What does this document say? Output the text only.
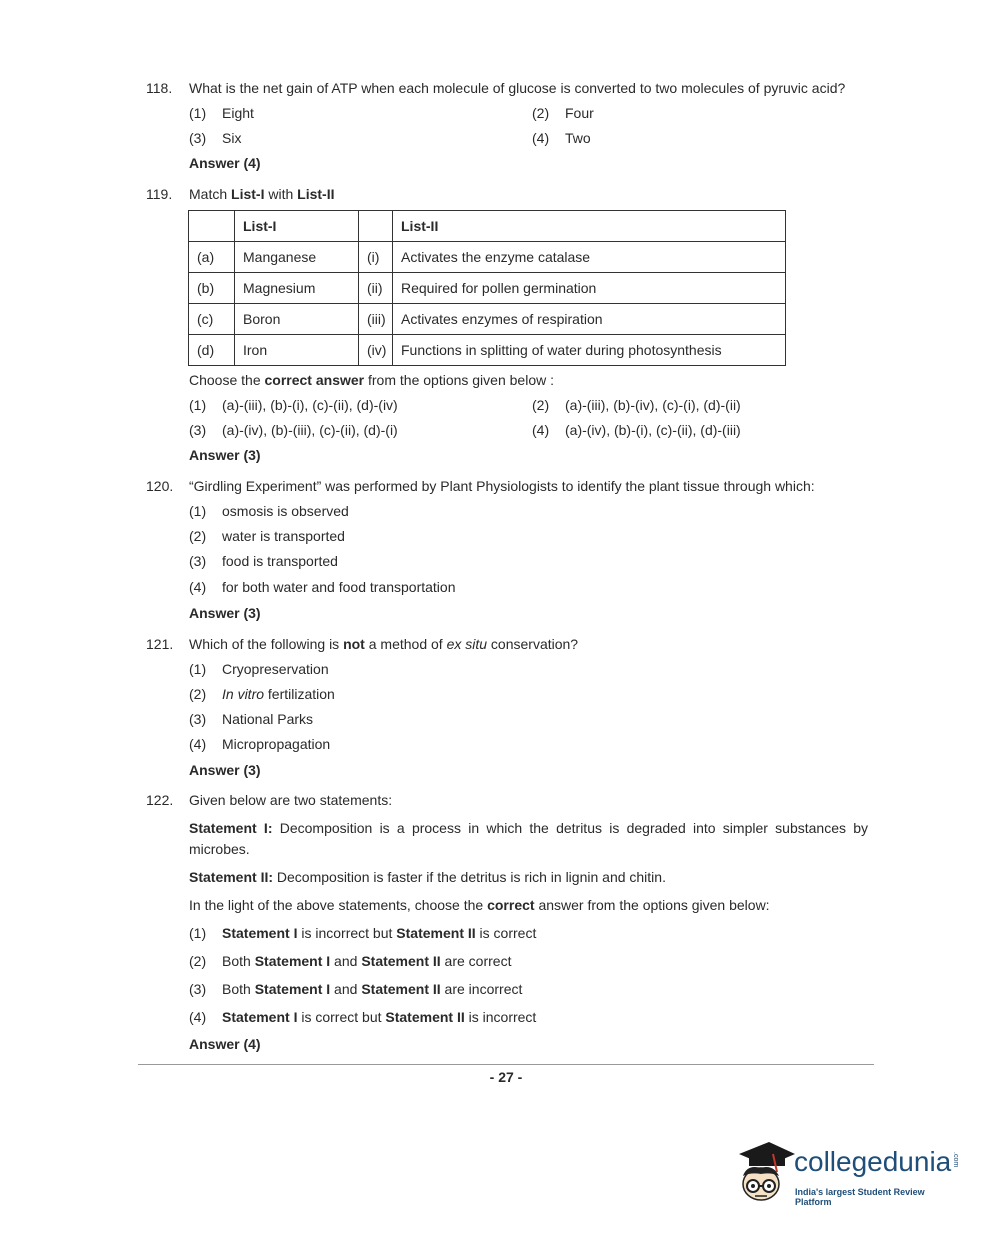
118. What is the net gain of ATP when each molecule of glucose is converted to two molecules of pyruvic acid?
(1) Eight	(2) Four
(3) Six	(4) Two
Answer (4)
119. Match List-I with List-II
	List-I		List-II
(a)	Manganese	(i)	Activates the enzyme catalase
(b)	Magnesium	(ii)	Required for pollen germination
(c)	Boron	(iii)	Activates enzymes of respiration
(d)	Iron	(iv)	Functions in splitting of water during photosynthesis
Choose the correct answer from the options given below :
(1) (a)-(iii), (b)-(i), (c)-(ii), (d)-(iv)	(2) (a)-(iii), (b)-(iv), (c)-(i), (d)-(ii)
(3) (a)-(iv), (b)-(iii), (c)-(ii), (d)-(i)	(4) (a)-(iv), (b)-(i), (c)-(ii), (d)-(iii)
Answer (3)
120. “Girdling Experiment” was performed by Plant Physiologists to identify the plant tissue through which:
(1) osmosis is observed
(2) water is transported
(3) food is transported
(4) for both water and food transportation
Answer (3)
121. Which of the following is not a method of ex situ conservation?
(1) Cryopreservation
(2) In vitro fertilization
(3) National Parks
(4) Micropropagation
Answer (3)
122. Given below are two statements:
Statement I: Decomposition is a process in which the detritus is degraded into simpler substances by
microbes.
Statement II: Decomposition is faster if the detritus is rich in lignin and chitin.
In the light of the above statements, choose the correct answer from the options given below:
(1) Statement I is incorrect but Statement II is correct
(2) Both Statement I and Statement II are correct
(3) Both Statement I and Statement II are incorrect
(4) Statement I is correct but Statement II is incorrect
Answer (4)
- 27 -
collegedunia .com
India's largest Student Review Platform
